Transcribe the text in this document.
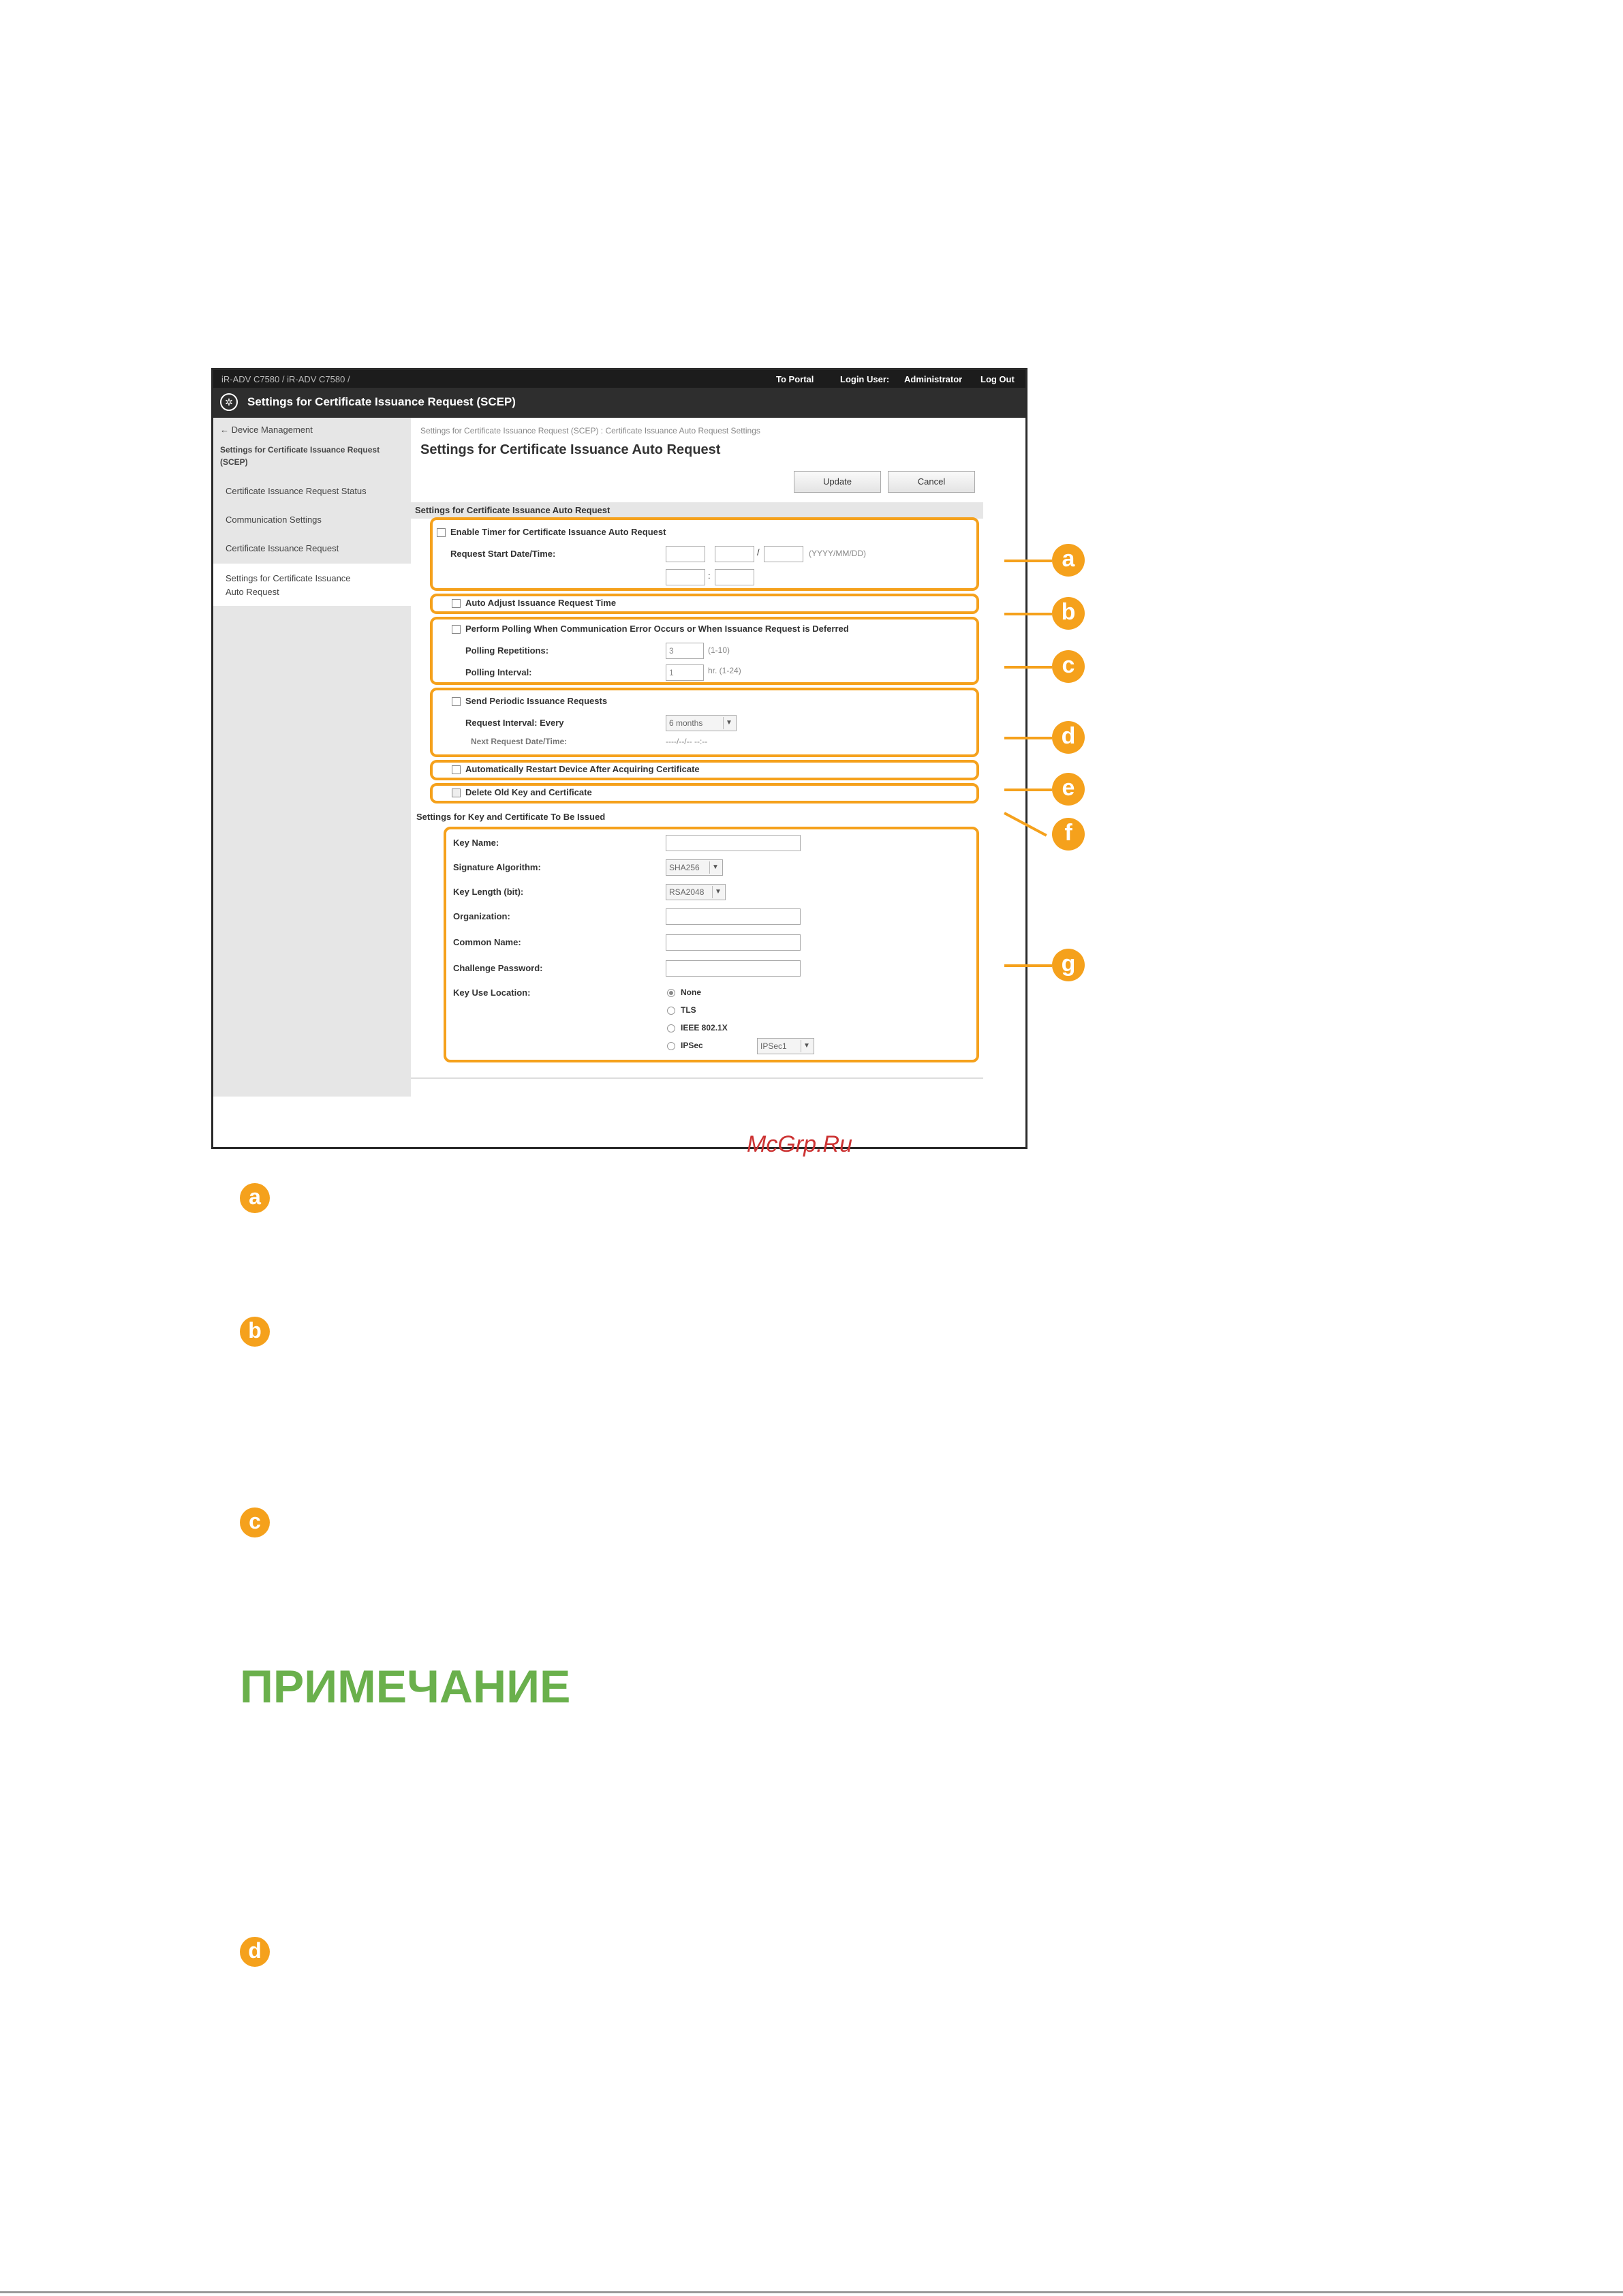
iR-ADV C7580 / iR-ADV C7580 /	To Portal	Login User: Administrator Log Out
✲	Settings for Certificate Issuance Request (SCEP)
← Device Management
Settings for Certificate Issuance Request
(SCEP)
Certificate Issuance Request Status
Communication Settings
Certificate Issuance Request
Settings for Certificate Issuance
Auto Request
Settings for Certificate Issuance Request (SCEP) : Certificate Issuance Auto Request Settings
Settings for Certificate Issuance Auto Request
Update	Cancel
Settings for Certificate Issuance Auto Request
Enable Timer for Certificate Issuance Auto Request
Request Start Date/Time:	/	(YYYY/MM/DD)
:
Auto Adjust Issuance Request Time
Perform Polling When Communication Error Occurs or When Issuance Request is Deferred
Polling Repetitions:	3	(1-10)
Polling Interval:	1	hr. (1-24)
Send Periodic Issuance Requests
Request Interval: Every	6 months	▼
Next Request Date/Time:	----/--/-- --:--
Automatically Restart Device After Acquiring Certificate
Delete Old Key and Certificate
Settings for Key and Certificate To Be Issued
Key Name:
Signature Algorithm:	SHA256	▼
Key Length (bit):	RSA2048	▼
Organization:
Common Name:
Challenge Password:
Key Use Location:	None
TLS
IEEE 802.1X
IPSec	IPSec1	▼
a
b
c
d
e
f
g
McGrp.Ru
a
b
c
ПРИМЕЧАНИЕ
d
